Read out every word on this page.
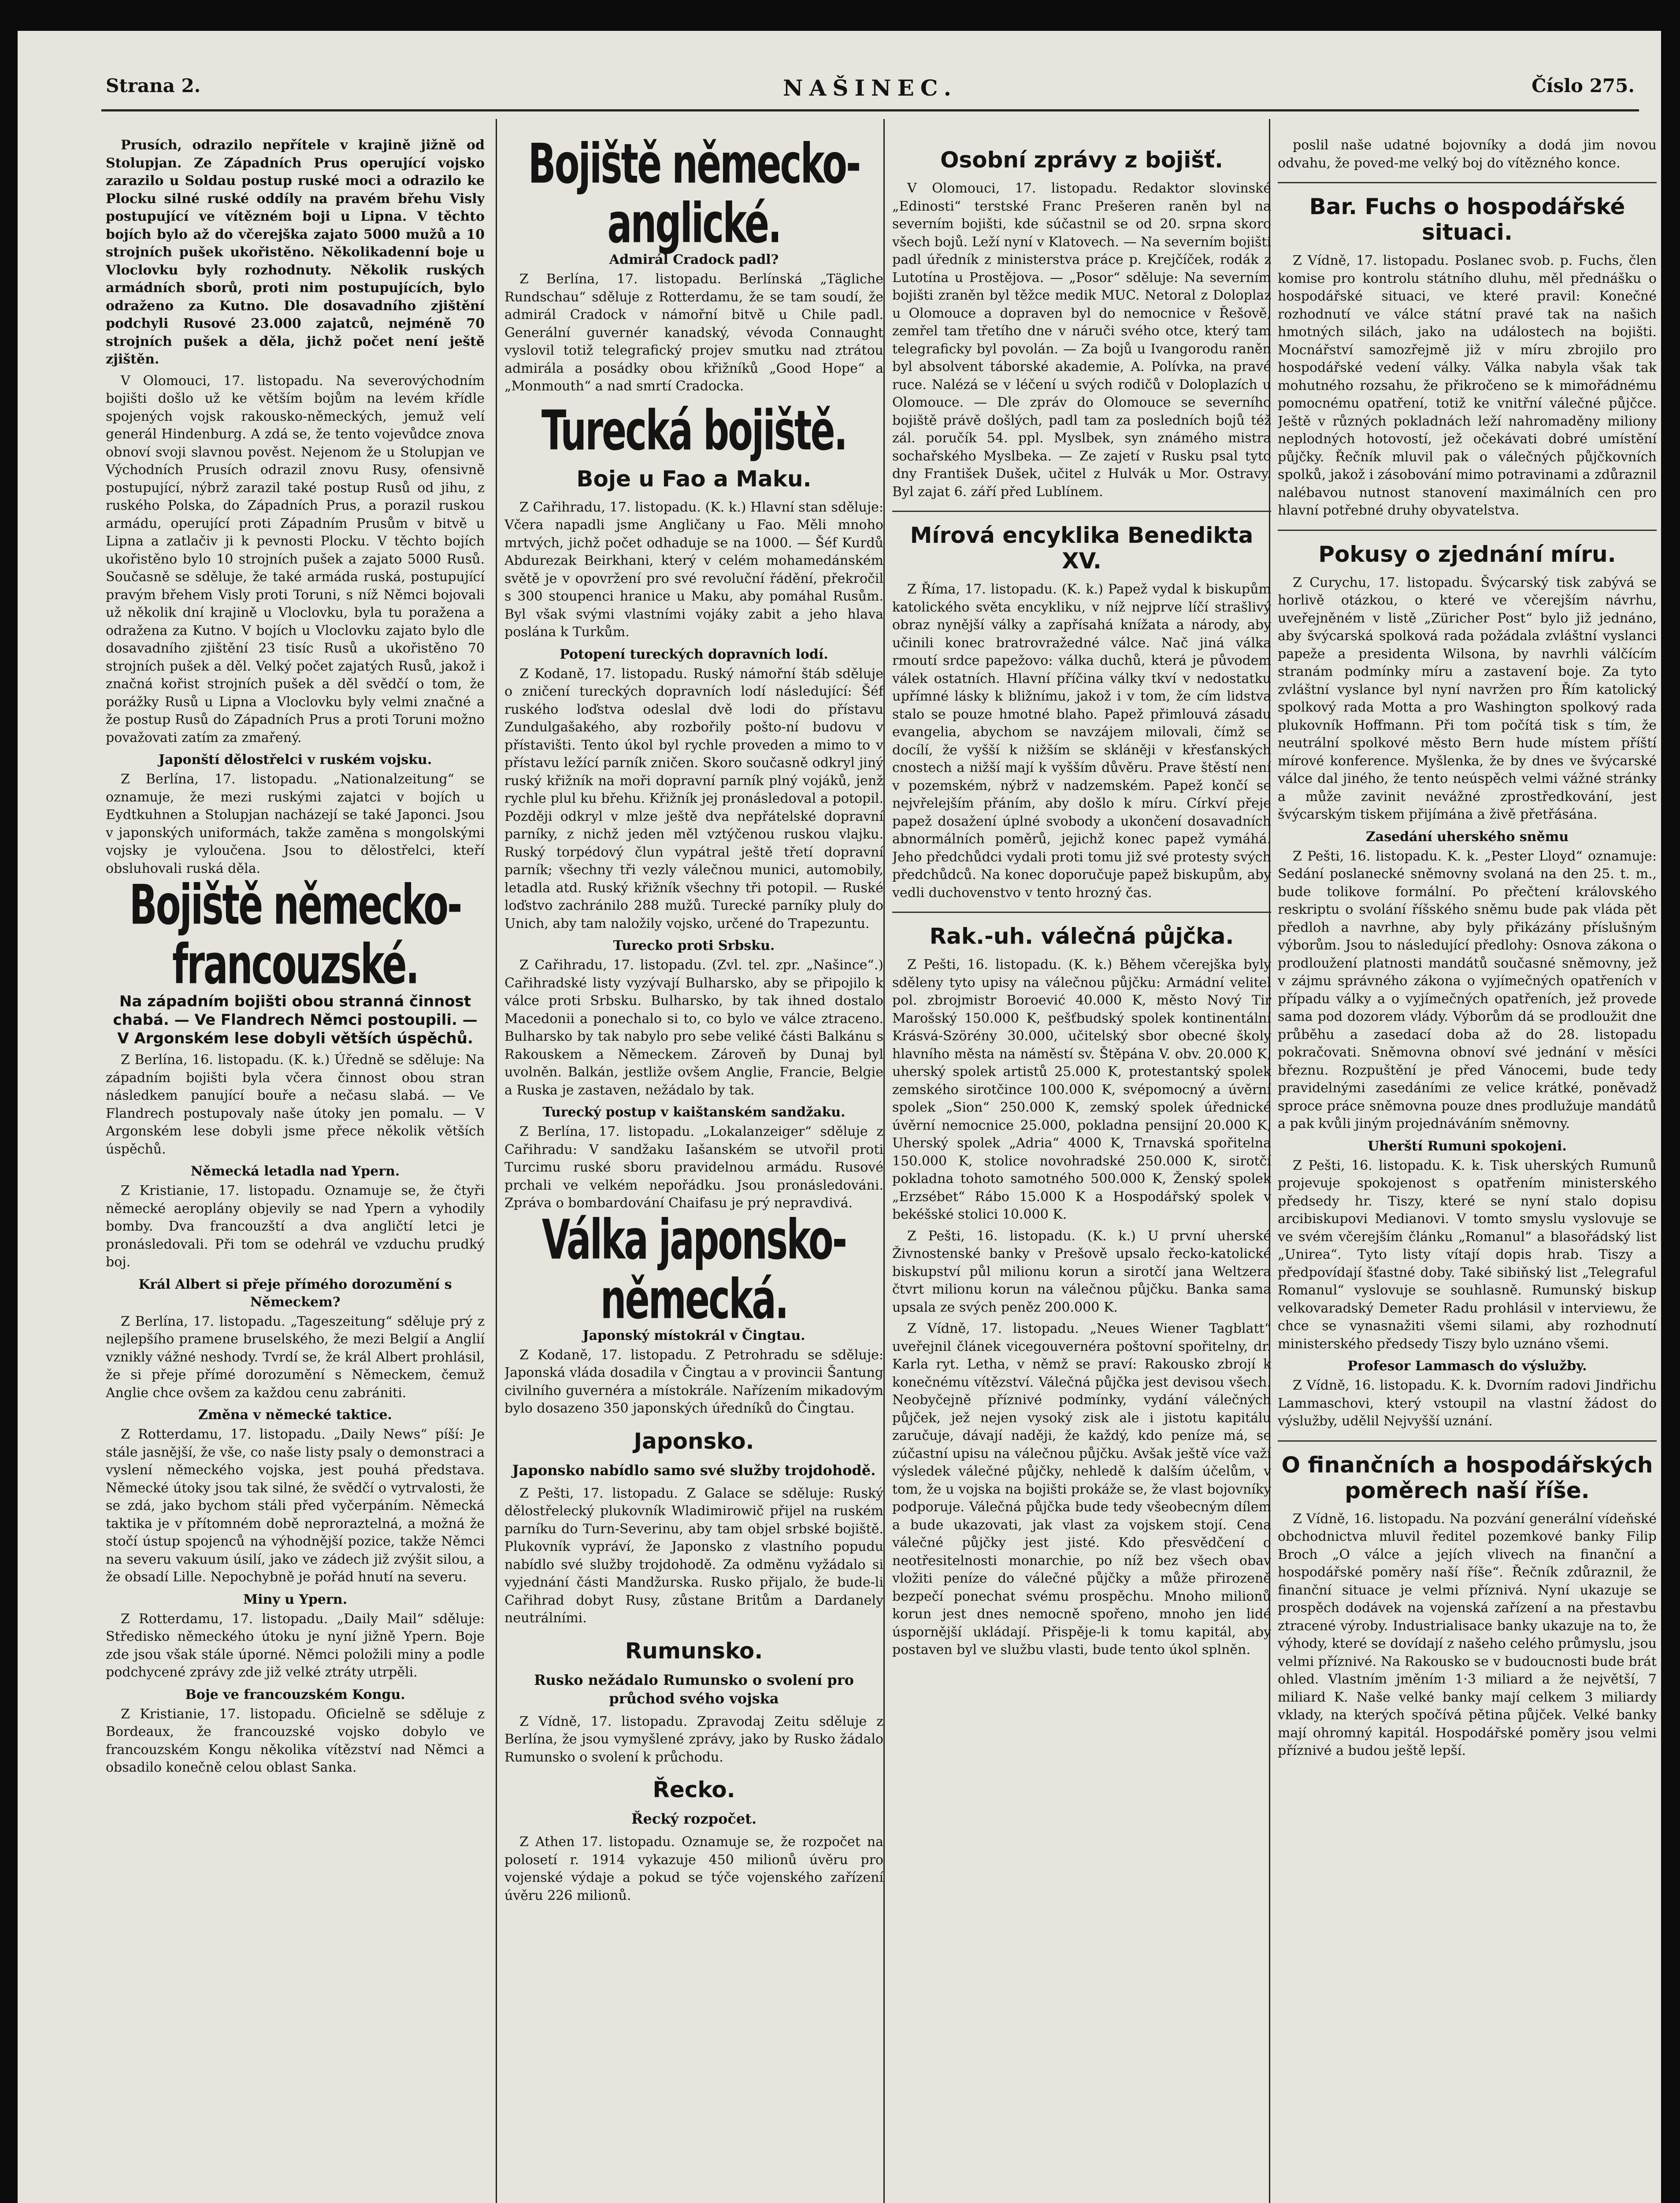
Strana 2.	NAŠINEC.	Číslo 275.

Prusích, odrazilo nepřítele v krajině jižně od Stolupjan. Ze Západních Prus operující vojsko zarazilo u Soldau postup ruské moci a odrazilo ke Plocku silné ruské oddíly na pravém břehu Visly postupující ve vítězném boji u Lipna. V těchto bojích bylo až do včerejška zajato 5000 mužů a 10 strojních pušek ukořistěno. Několikadenní boje u Vloclovku byly rozhodnuty. Několik ruských armádních sborů, proti nim postupujících, bylo odraženo za Kutno. Dle dosavadního zjištění podchyli Rusové 23.000 zajatců, nejméně 70 strojních pušek a děla, jichž počet není ještě zjištěn.

V Olomouci, 17. listopadu. Na severovýchodním bojišti došlo už ke větším bojům na levém křídle spojených vojsk rakousko-německých, jemuž velí generál Hindenburg. A zdá se, že tento vojevůdce znova obnoví svoji slavnou pověst. Nejenom že u Stolupjan ve Východních Prusích odrazil znovu Rusy, ofensivně postupující, nýbrž zarazil také postup Rusů od jihu, z ruského Polska, do Západních Prus, a porazil ruskou armádu, operující proti Západním Prusům v bitvě u Lipna a zatlačiv ji k pevnosti Plocku. V těchto bojích ukořistěno bylo 10 strojních pušek a zajato 5000 Rusů. Současně se sděluje, že také armáda ruská, postupující pravým břehem Visly proti Toruni, s níž Němci bojovali už několik dní krajině u Vloclovku, byla tu poražena a odražena za Kutno. V bojích u Vloclovku zajato bylo dle dosavadního zjištění 23 tisíc Rusů a ukořistěno 70 strojních pušek a děl. Velký počet zajatých Rusů, jakož i značná kořist strojních pušek a děl svědčí o tom, že porážky Rusů u Lipna a Vloclovku byly velmi značné a že postup Rusů do Západních Prus a proti Toruni možno považovati zatím za zmařený.

Japonští dělostřelci v ruském vojsku.

Z Berlína, 17. listopadu. „Nationalzeitung“ se oznamuje, že mezi ruskými zajatci v bojích u Eydtkuhnen a Stolupjan nacházejí se také Japonci. Jsou v japonských uniformách, takže zaměna s mongolskými vojsky je vyloučena. Jsou to dělostřelci, kteří obsluhovali ruská děla.

Bojiště německo-francouzské.
Na západním bojišti obou stranná činnost chabá. — Ve Flandrech Němci postoupili. — V Argonském lese dobyli větších úspěchů.

Z Berlína, 16. listopadu. (K. k.) Úředně se sděluje: Na západním bojišti byla včera činnost obou stran následkem panující bouře a nečasu slabá. — Ve Flandrech postupovaly naše útoky jen pomalu. — V Argonském lese dobyli jsme přece několik větších úspěchů.

Německá letadla nad Ypern.

Z Kristianie, 17. listopadu. Oznamuje se, že čtyři německé aeroplány objevily se nad Ypern a vyhodily bomby. Dva francouzští a dva angličtí letci je pronásledovali. Při tom se odehrál ve vzduchu prudký boj.

Král Albert si přeje přímého dorozumění s Německem?

Z Berlína, 17. listopadu. „Tageszeitung“ sděluje prý z nejlepšího pramene bruselského, že mezi Belgií a Anglií vznikly vážné neshody. Tvrdí se, že král Albert prohlásil, že si přeje přímé dorozumění s Německem, čemuž Anglie chce ovšem za každou cenu zabrániti.

Změna v německé taktice.

Z Rotterdamu, 17. listopadu. „Daily News“ píší: Je stále jasnější, že vše, co naše listy psaly o demonstraci a vyslení německého vojska, jest pouhá představa. Německé útoky jsou tak silné, že svědčí o vytrvalosti, že se zdá, jako bychom stáli před vyčerpáním. Německá taktika je v přítomném době neproraztelná, a možná že stočí ústup spojenců na výhodnější pozice, takže Němci na severu vakuum úsilí, jako ve zádech již zvýšit silou, a že obsadí Lille. Nepochybně je pořád hnutí na severu.

Miny u Ypern.

Z Rotterdamu, 17. listopadu. „Daily Mail“ sděluje: Středisko německého útoku je nyní jižně Ypern. Boje zde jsou však stále úporné. Němci položili miny a podle podchycené zprávy zde již velké ztráty utrpěli.

Boje ve francouzském Kongu.

Z Kristianie, 17. listopadu. Oficielně se sděluje z Bordeaux, že francouzské vojsko dobylo ve francouzském Kongu několika vítězství nad Němci a obsadilo konečně celou oblast Sanka.

Bojiště německo-anglické.
Admirál Cradock padl?

Z Berlína, 17. listopadu. Berlínská „Tägliche Rundschau“ sděluje z Rotterdamu, že se tam soudí, že admirál Cradock v námořní bitvě u Chile padl. Generální guvernér kanadský, vévoda Connaught vyslovil totiž telegrafický projev smutku nad ztrátou admirála a posádky obou křižníků „Good Hope“ a „Monmouth“ a nad smrtí Cradocka.

Turecká bojiště.
Boje u Fao a Maku.

Z Cařihradu, 17. listopadu. (K. k.) Hlavní stan sděluje: Včera napadli jsme Angličany u Fao. Měli mnoho mrtvých, jichž počet odhaduje se na 1000. — Šéf Kurdů Abdurezak Beirkhani, který v celém mohamedánském světě je v opovržení pro své revoluční řádění, překročil s 300 stoupenci hranice u Maku, aby pomáhal Rusům. Byl však svými vlastními vojáky zabit a jeho hlava poslána k Turkům.

Potopení tureckých dopravních lodí.

Z Kodaně, 17. listopadu. Ruský námořní štáb sděluje o zničení tureckých dopravních lodí následující: Šéf ruského loďstva odeslal dvě lodi do přístavu Zundulgašakého, aby rozbořily pošto-ní budovu v přístavišti. Tento úkol byl rychle proveden a mimo to v přístavu ležící parník zničen. Skoro současně odkryl jiný ruský křižník na moři dopravní parník plný vojáků, jenž rychle plul ku břehu. Křižník jej pronásledoval a potopil. Později odkryl v mlze ještě dva nepřátelské dopravní parníky, z nichž jeden měl vztýčenou ruskou vlajku. Ruský torpédový člun vypátral ještě třetí dopravní parník; všechny tři vezly válečnou munici, automobily, letadla atd. Ruský křižník všechny tři potopil. — Ruské loďstvo zachránilo 288 mužů. Turecké parníky pluly do Unich, aby tam naložily vojsko, určené do Trapezuntu.

Turecko proti Srbsku.

Z Cařihradu, 17. listopadu. (Zvl. tel. zpr. „Našince“.) Cařihradské listy vyzývají Bulharsko, aby se připojilo k válce proti Srbsku. Bulharsko, by tak ihned dostalo Macedonii a ponechalo si to, co bylo ve válce ztraceno. Bulharsko by tak nabylo pro sebe veliké části Balkánu s Rakouskem a Německem. Zároveň by Dunaj byl uvolněn. Balkán, jestliže ovšem Anglie, Francie, Belgie a Ruska je zastaven, nežádalo by tak.

Turecký postup v kaištanském sandžaku.

Z Berlína, 17. listopadu. „Lokalanzeiger“ sděluje z Cařihradu: V sandžaku Iašanském se utvořil proti Turcimu ruské sboru pravidelnou armádu. Rusové prchali ve velkém nepořádku. Jsou pronásledováni. Zpráva o bombardování Chaifasu je prý nepravdivá.

Válka japonsko-německá.
Japonský místokrál v Čingtau.

Z Kodaně, 17. listopadu. Z Petrohradu se sděluje: Japonská vláda dosadila v Čingtau a v provincii Šantung civilního guvernéra a místokrále. Nařízením mikadovým bylo dosazeno 350 japonských úředníků do Čingtau.

Japonsko.
Japonsko nabídlo samo své služby trojdohodě.

Z Pešti, 17. listopadu. Z Galace se sděluje: Ruský dělostřelecký plukovník Wladimirowič přijel na ruském parníku do Turn-Severinu, aby tam objel srbské bojiště. Plukovník vypráví, že Japonsko z vlastního popudu nabídlo své služby trojdohodě. Za odměnu vyžádalo si vyjednání části Mandžurska. Rusko přijalo, že bude-li Cařihrad dobyt Rusy, zůstane Britům a Dardanely neutrálními.

Rumunsko.
Rusko nežádalo Rumunsko o svolení pro průchod svého vojska

Z Vídně, 17. listopadu. Zpravodaj Zeitu sděluje z Berlína, že jsou vymyšlené zprávy, jako by Rusko žádalo Rumunsko o svolení k průchodu.

Řecko.
Řecký rozpočet.

Z Athen 17. listopadu. Oznamuje se, že rozpočet na polosetí r. 1914 vykazuje 450 milionů úvěru pro vojenské výdaje a pokud se týče vojenského zařízení úvěru 226 milionů.

Osobní zprávy z bojišť.

V Olomouci, 17. listopadu. Redaktor slovinské „Edinosti“ terstské Franc Prešeren raněn byl na severním bojišti, kde súčastnil se od 20. srpna skoro všech bojů. Leží nyní v Klatovech. — Na severním bojišti padl úředník z ministerstva práce p. Krejčíček, rodák z Lutotína u Prostějova. — „Posor“ sděluje: Na severním bojišti zraněn byl těžce medik MUC. Netoral z Doloplaz u Olomouce a dopraven byl do nemocnice v Řešově, zemřel tam třetího dne v náruči svého otce, který tam telegraficky byl povolán. — Za bojů u Ivangorodu raněn byl absolvent táborské akademie, A. Polívka, na pravé ruce. Nalézá se v léčení u svých rodičů v Doloplazích u Olomouce. — Dle zpráv do Olomouce se severního bojiště právě došlých, padl tam za posledních bojů též zál. poručík 54. ppl. Myslbek, syn známého mistra sochařského Myslbeka. — Ze zajetí v Rusku psal tyto dny František Dušek, učitel z Hulvák u Mor. Ostravy. Byl zajat 6. září před Lublínem.

Mírová encyklika Benedikta XV.

Z Říma, 17. listopadu. (K. k.) Papež vydal k biskupům katolického světa encykliku, v níž nejprve líčí strašlivý obraz nynější války a zapřísahá knížata a národy, aby učinili konec bratrovražedné válce. Nač jiná válka rmoutí srdce papežovo: válka duchů, která je původem válek ostatních. Hlavní příčina války tkví v nedostatku upřímné lásky k bližnímu, jakož i v tom, že cím lidstva stalo se pouze hmotné blaho. Papež přimlouvá zásadu evangelia, abychom se navzájem milovali, čímž se docílí, že vyšší k nižším se skláněji v křesťanských cnostech a nižší mají k vyšším důvěru. Prave štěstí není v pozemském, nýbrž v nadzemském. Papež končí se nejvřelejším přáním, aby došlo k míru. Církví přeje papež dosažení úplné svobody a ukončení dosavadních abnormálních poměrů, jejichž konec papež vymáhá. Jeho předchůdci vydali proti tomu již své protesty svých předchůdců. Na konec doporučuje papež biskupům, aby vedli duchovenstvo v tento hrozný čas.

Rak.-uh. válečná půjčka.

Z Pešti, 16. listopadu. (K. k.) Během včerejška byly sděleny tyto upisy na válečnou půjčku: Armádní velitel pol. zbrojmistr Boroević 40.000 K, město Nový Tir Marošský 150.000 K, pešťbudský spolek kontinentální Krásvá-Szörény 30.000, učitelský sbor obecné školy hlavního města na náměstí sv. Štěpána V. obv. 20.000 K, uherský spolek artistů 25.000 K, protestantský spolek zemského sirotčince 100.000 K, svépomocný a úvěrní spolek „Sion“ 250.000 K, zemský spolek úřednické úvěrní nemocnice 25.000, pokladna pensijní 20.000 K, Uherský spolek „Adria“ 4000 K, Trnavská spořitelna 150.000 K, stolice novohradské 250.000 K, sirotčí pokladna tohoto samotného 500.000 K, Ženský spolek „Erzsébet“ Rábo 15.000 K a Hospodářský spolek v bekéšské stolici 10.000 K.

Z Pešti, 16. listopadu. (K. k.) U první uherské Živnostenské banky v Prešově upsalo řecko-katolické biskupství půl milionu korun a sirotčí jana Weltzera čtvrt milionu korun na válečnou půjčku. Banka sama upsala ze svých peněz 200.000 K.

Z Vídně, 17. listopadu. „Neues Wiener Tagblatt“ uveřejnil článek vicegouvernéra poštovní spořitelny, dr. Karla ryt. Letha, v němž se praví: Rakousko zbrojí k konečnému vítězství. Válečná půjčka jest devisou všech. Neobyčejně příznivé podmínky, vydání válečných půjček, jež nejen vysoký zisk ale i jistotu kapitálu zaručuje, dávají naději, že každý, kdo peníze má, se zúčastní upisu na válečnou půjčku. Avšak ještě více važí výsledek válečné půjčky, nehledě k dalším účelům, v tom, že u vojska na bojišti prokáže se, že vlast bojovníky podporuje. Válečná půjčka bude tedy všeobecným dílem a bude ukazovati, jak vlast za vojskem stojí. Cena válečné půjčky jest jisté. Kdo přesvědčení o neotřesitelnosti monarchie, po níž bez všech obav vložiti peníze do válečné půjčky a může přirozeně bezpečí ponechat svému prospěchu. Mnoho milionů korun jest dnes nemocně spořeno, mnoho jen lidé úspornější ukládají. Přispěje-li k tomu kapitál, aby postaven byl ve službu vlasti, bude tento úkol splněn.

poslil naše udatné bojovníky a dodá jim novou odvahu, že poved-me velký boj do vítězného konce.

Bar. Fuchs o hospodářské situaci.

Z Vídně, 17. listopadu. Poslanec svob. p. Fuchs, člen komise pro kontrolu státního dluhu, měl přednášku o hospodářské situaci, ve které pravil: Konečné rozhodnutí ve válce státní pravé tak na našich hmotných silách, jako na událostech na bojišti. Mocnářství samozřejmě již v míru zbrojilo pro hospodářské vedení války. Válka nabyla však tak mohutného rozsahu, že přikročeno se k mimořádnému pomocnému opatření, totiž ke vnitřní válečné půjčce. Ještě v různých pokladnách leží nahromaděny miliony neplodných hotovostí, jež očekávati dobré umístění půjčky. Řečník mluvil pak o válečných půjčkovních spolků, jakož i zásobování mimo potravinami a zdůraznil nalébavou nutnost stanovení maximálních cen pro hlavní potřebné druhy obyvatelstva.

Pokusy o zjednání míru.

Z Curychu, 17. listopadu. Švýcarský tisk zabývá se horlivě otázkou, o které ve včerejším návrhu, uveřejněném v listě „Züricher Post“ bylo již jednáno, aby švýcarská spolková rada požádala zvláštní vyslanci papeže a presidenta Wilsona, by navrhli válčícím stranám podmínky míru a zastavení boje. Za tyto zvláštní vyslance byl nyní navržen pro Řím katolický spolkový rada Motta a pro Washington spolkový rada plukovník Hoffmann. Při tom počítá tisk s tím, že neutrální spolkové město Bern hude místem příští mírové konference. Myšlenka, že by dnes ve švýcarské válce dal jiného, že tento neúspěch velmi vážné stránky a může zavinit nevážné zprostředkování, jest švýcarským tiskem přijímána a živě přetřásána.

Zasedání uherského sněmu

Z Pešti, 16. listopadu. K. k. „Pester Lloyd“ oznamuje: Sedání poslanecké sněmovny svolaná na den 25. t. m., bude tolikove formální. Po přečtení královského reskriptu o svolání říšského sněmu bude pak vláda pět předloh a navrhne, aby byly přikázány příslušným výborům. Jsou to následující předlohy: Osnova zákona o prodloužení platnosti mandátů současné sněmovny, jež v zájmu správného zákona o vyjímečných opatřeních v případu války a o vyjímečných opatřeních, jež provede sama pod dozorem vlády. Výborům dá se prodloužit dne průběhu a zasedací doba až do 28. listopadu pokračovati. Sněmovna obnoví své jednání v měsíci březnu. Rozpuštění je před Vánocemi, bude tedy pravidelnými zasedáními ze velice krátké, poněvadž sproce práce sněmovna pouze dnes prodlužuje mandátů a pak kvůli jiným projednáváním sněmovny.

Uherští Rumuni spokojeni.

Z Pešti, 16. listopadu. K. k. Tisk uherských Rumunů projevuje spokojenost s opatřením ministerského předsedy hr. Tiszy, které se nyní stalo dopisu arcibiskupovi Medianovi. V tomto smyslu vyslovuje se ve svém včerejším článku „Romanul“ a blasořádský list „Unirea“. Tyto listy vítají dopis hrab. Tiszy a předpovídají šťastné doby. Také sibiňský list „Telegraful Romanul“ vyslovuje se souhlasně. Rumunský biskup velkovaradský Demeter Radu prohlásil v interviewu, že chce se vynasnažiti všemi silami, aby rozhodnutí ministerského předsedy Tiszy bylo uznáno všemi.

Profesor Lammasch do výslužby.

Z Vídně, 16. listopadu. K. k. Dvorním radovi Jindřichu Lammaschovi, který vstoupil na vlastní žádost do výslužby, udělil Nejvyšší uznání.

O finančních a hospodářských poměrech naší říše.

Z Vídně, 16. listopadu. Na pozvání generální vídeňské obchodnictva mluvil ředitel pozemkové banky Filip Broch „O válce a jejích vlivech na finanční a hospodářské poměry naší říše“. Řečník zdůraznil, že finanční situace je velmi příznivá. Nyní ukazuje se prospěch dodávek na vojenská zařízení a na přestavbu ztracené výroby. Industrialisace banky ukazuje na to, že výhody, které se dovídají z našeho celého průmyslu, jsou velmi příznivé. Na Rakousko se v budoucnosti bude brát ohled. Vlastním jměním 1·3 miliard a že největší, 7 miliard K. Naše velké banky mají celkem 3 miliardy vklady, na kterých spočívá pětina půjček. Velké banky mají ohromný kapitál. Hospodářské poměry jsou velmi příznivé a budou ještě lepší.
